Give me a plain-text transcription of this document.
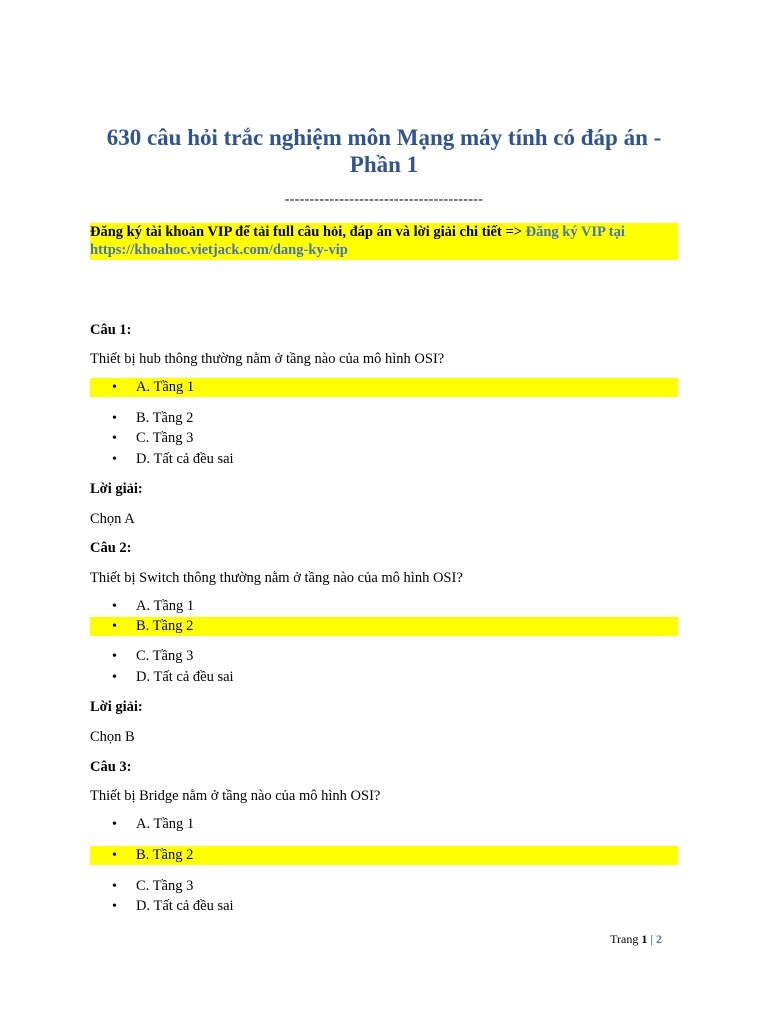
630 câu hỏi trắc nghiệm môn Mạng máy tính có đáp án - Phần 1
----------------------------------------
Đăng ký tài khoản VIP để tải full câu hỏi, đáp án và lời giải chi tiết => Đăng ký VIP tại https://khoahoc.vietjack.com/dang-ky-vip
Câu 1:
Thiết bị hub thông thường nằm ở tầng nào của mô hình OSI?
• A. Tầng 1
• B. Tầng 2
• C. Tầng 3
• D. Tất cả đều sai
Lời giải:
Chọn A
Câu 2:
Thiết bị Switch thông thường nằm ở tầng nào của mô hình OSI?
• A. Tầng 1
• B. Tầng 2
• C. Tầng 3
• D. Tất cả đều sai
Lời giải:
Chọn B
Câu 3:
Thiết bị Bridge nằm ở tầng nào của mô hình OSI?
• A. Tầng 1
• B. Tầng 2
• C. Tầng 3
• D. Tất cả đều sai
Trang 1 | 2
